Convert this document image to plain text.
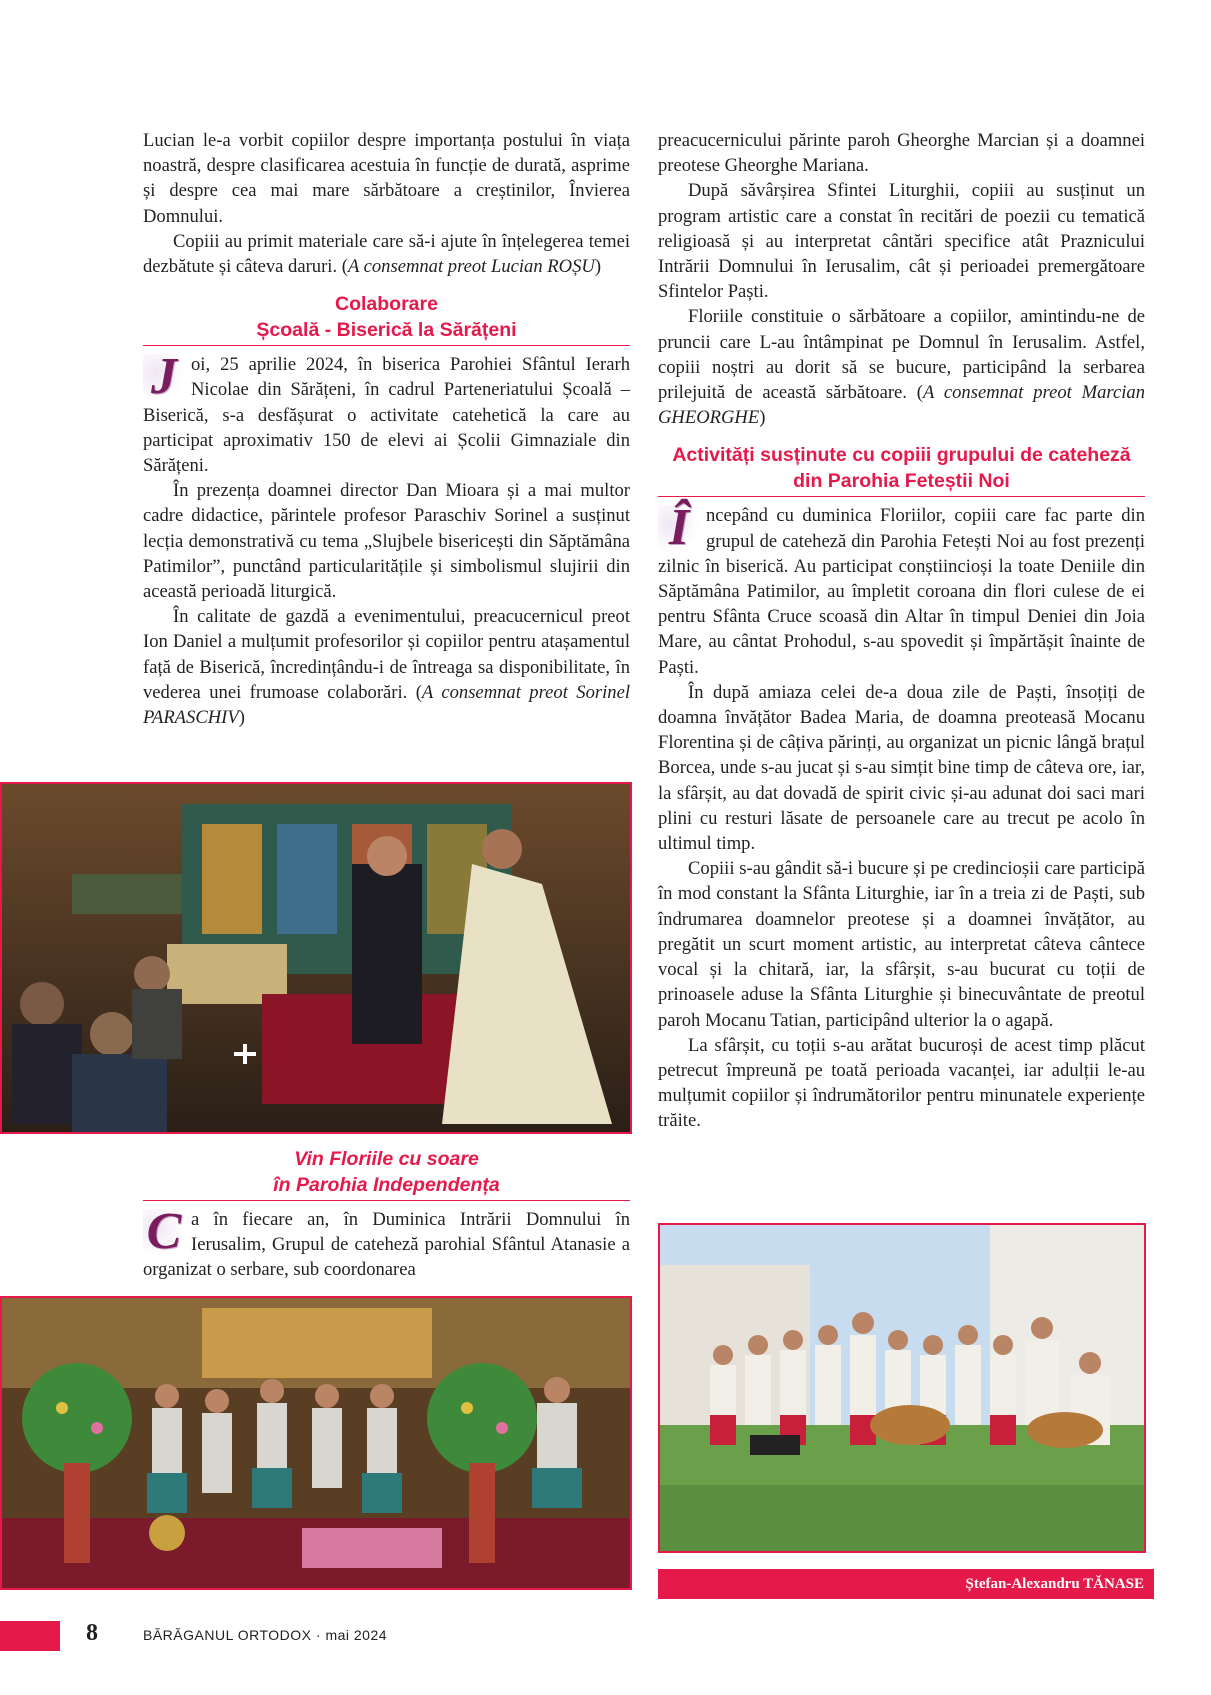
Lucian le-a vorbit copiilor despre importanța postului în viața noastră, despre clasificarea acestuia în funcție de durată, asprime și despre cea mai mare sărbătoare a creștinilor, Învierea Domnului.

Copiii au primit materiale care să-i ajute în înțelegerea temei dezbătute și câteva daruri. (A consemnat preot Lucian ROȘU)

Colaborare
Școală - Biserică la Sărățeni

J oi, 25 aprilie 2024, în biserica Parohiei Sfântul Ierarh Nicolae din Sărățeni, în cadrul Parteneriatului Școală – Biserică, s-a desfășurat o activitate catehetică la care au participat aproximativ 150 de elevi ai Școlii Gimnaziale din Sărățeni.

În prezența doamnei director Dan Mioara și a mai multor cadre didactice, părintele profesor Paraschiv Sorinel a susținut lecția demonstrativă cu tema „Slujbele bisericești din Săptămâna Patimilor”, punctând particularitățile și simbolismul slujirii din această perioadă liturgică.

În calitate de gazdă a evenimentului, preacucernicul preot Ion Daniel a mulțumit profesorilor și copiilor pentru atașamentul față de Biserică, încredințându-i de întreaga sa disponibilitate, în vederea unei frumoase colaborări. (A consemnat preot Sorinel PARASCHIV)

Vin Floriile cu soare
în Parohia Independența

C a în fiecare an, în Duminica Intrării Domnului în Ierusalim, Grupul de cateheză parohial Sfântul Atanasie a organizat o serbare, sub coordonarea

preacucernicului părinte paroh Gheorghe Marcian și a doamnei preotese Gheorghe Mariana.

După săvârșirea Sfintei Liturghii, copiii au susținut un program artistic care a constat în recitări de poezii cu tematică religioasă și au interpretat cântări specifice atât Praznicului Intrării Domnului în Ierusalim, cât și perioadei premergătoare Sfintelor Paști.

Floriile constituie o sărbătoare a copiilor, amintindu-ne de pruncii care L-au întâmpinat pe Domnul în Ierusalim. Astfel, copiii noștri au dorit să se bucure, participând la serbarea prilejuită de această sărbătoare. (A consemnat preot Marcian GHEORGHE)

Activități susținute cu copiii grupului de cateheză
din Parohia Feteștii Noi

Î ncepând cu duminica Floriilor, copiii care fac parte din grupul de cateheză din Parohia Fetești Noi au fost prezenți zilnic în biserică. Au participat conștiincioși la toate Deniile din Săptămâna Patimilor, au împletit coroana din flori culese de ei pentru Sfânta Cruce scoasă din Altar în timpul Deniei din Joia Mare, au cântat Prohodul, s-au spovedit și împărtășit înainte de Paști.

În după amiaza celei de-a doua zile de Paști, însoțiți de doamna învățător Badea Maria, de doamna preoteasă Mocanu Florentina și de câțiva părinți, au organizat un picnic lângă brațul Borcea, unde s-au jucat și s-au simțit bine timp de câteva ore, iar, la sfârșit, au dat dovadă de spirit civic și-au adunat doi saci mari plini cu resturi lăsate de persoanele care au trecut pe acolo în ultimul timp.

Copiii s-au gândit să-i bucure și pe credincioșii care participă în mod constant la Sfânta Liturghie, iar în a treia zi de Paști, sub îndrumarea doamnelor preotese și a doamnei învățător, au pregătit un scurt moment artistic, au interpretat câteva cântece vocal și la chitară, iar, la sfârșit, s-au bucurat cu toții de prinoasele aduse la Sfânta Liturghie și binecuvântate de preotul paroh Mocanu Tatian, participând ulterior la o agapă.

La sfârșit, cu toții s-au arătat bucuroși de acest timp plăcut petrecut împreună pe toată perioada vacanței, iar adulții le-au mulțumit copiilor și îndrumătorilor pentru minunatele experiențe trăite.

Ștefan-Alexandru TĂNASE
8	BĂRĂGANUL ORTODOX · mai 2024
